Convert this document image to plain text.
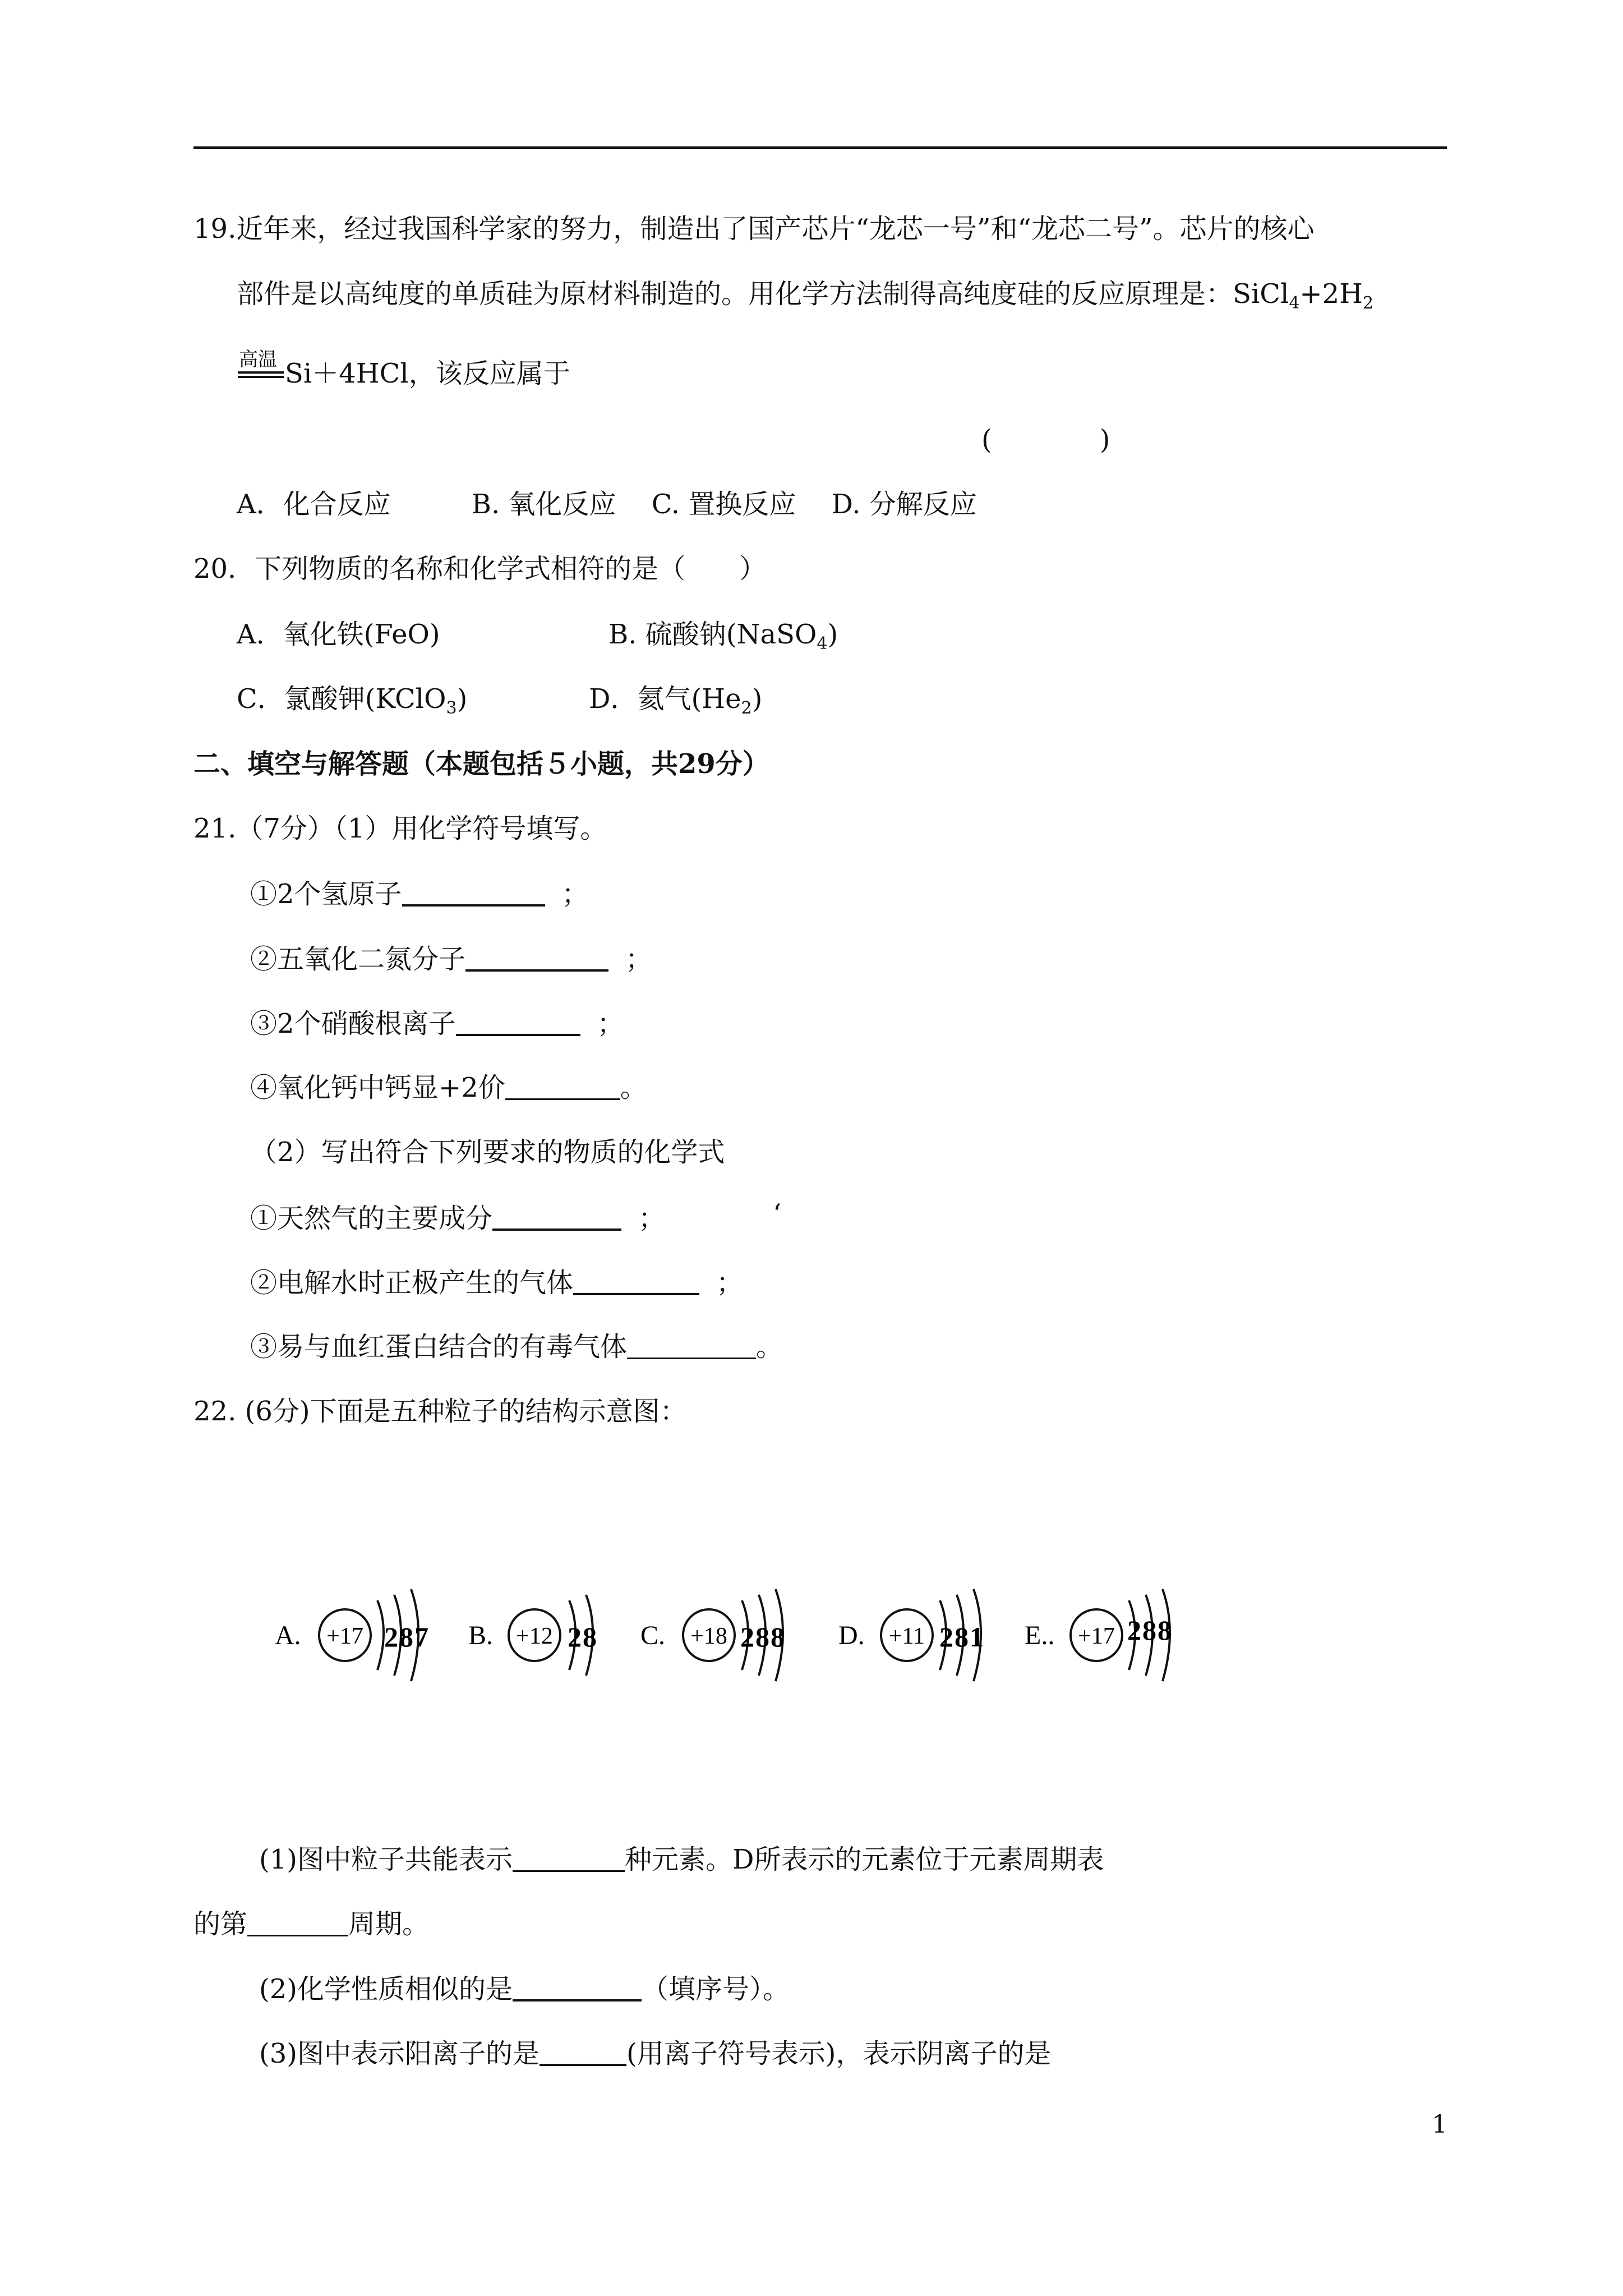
19.近年来，经过我国科学家的努力，制造出了国产芯片“龙芯一号”和“龙芯二号”。芯片的核心
部件是以高纯度的单质硅为原材料制造的。用化学方法制得高纯度硅的反应原理是：$SiCl_4+2H_2$
高温 Si＋4HCl，该反应属于
(　　　　)
A．化合反应　　　B. 氧化反应　 C. 置换反应　 D. 分解反应
20．下列物质的名称和化学式相符的是（　　）
A．氧化铁(FeO)	B. 硫酸钠(NaSO$_4$)
C．氯酸钾(KClO$_3$)	D．氦气$(He_2)$
二、填空与解答题（本题包括５小题，共29分）
21.（7分）（1）用化学符号填写。
①2个氢原子	；
②五氧化二氮分子	；
③2个硝酸根离子	；
④氧化钙中钙显+2价	。
（2）写出符合下列要求的物质的化学式
①天然气的主要成分	；	‘
②电解水时正极产生的气体	；
③易与血红蛋白结合的有毒气体	。
22. (6分)下面是五种粒子的结构示意图：
A. +17 287 B. +12 28 C. +18 288 D. +11 281 E.. +17 288
(1)图中粒子共能表示	种元素。D所表示的元素位于元素周期表
的第	周期。
(2)化学性质相似的是	（填序号）。
(3)图中表示阳离子的是	(用离子符号表示)，表示阴离子的是
1
